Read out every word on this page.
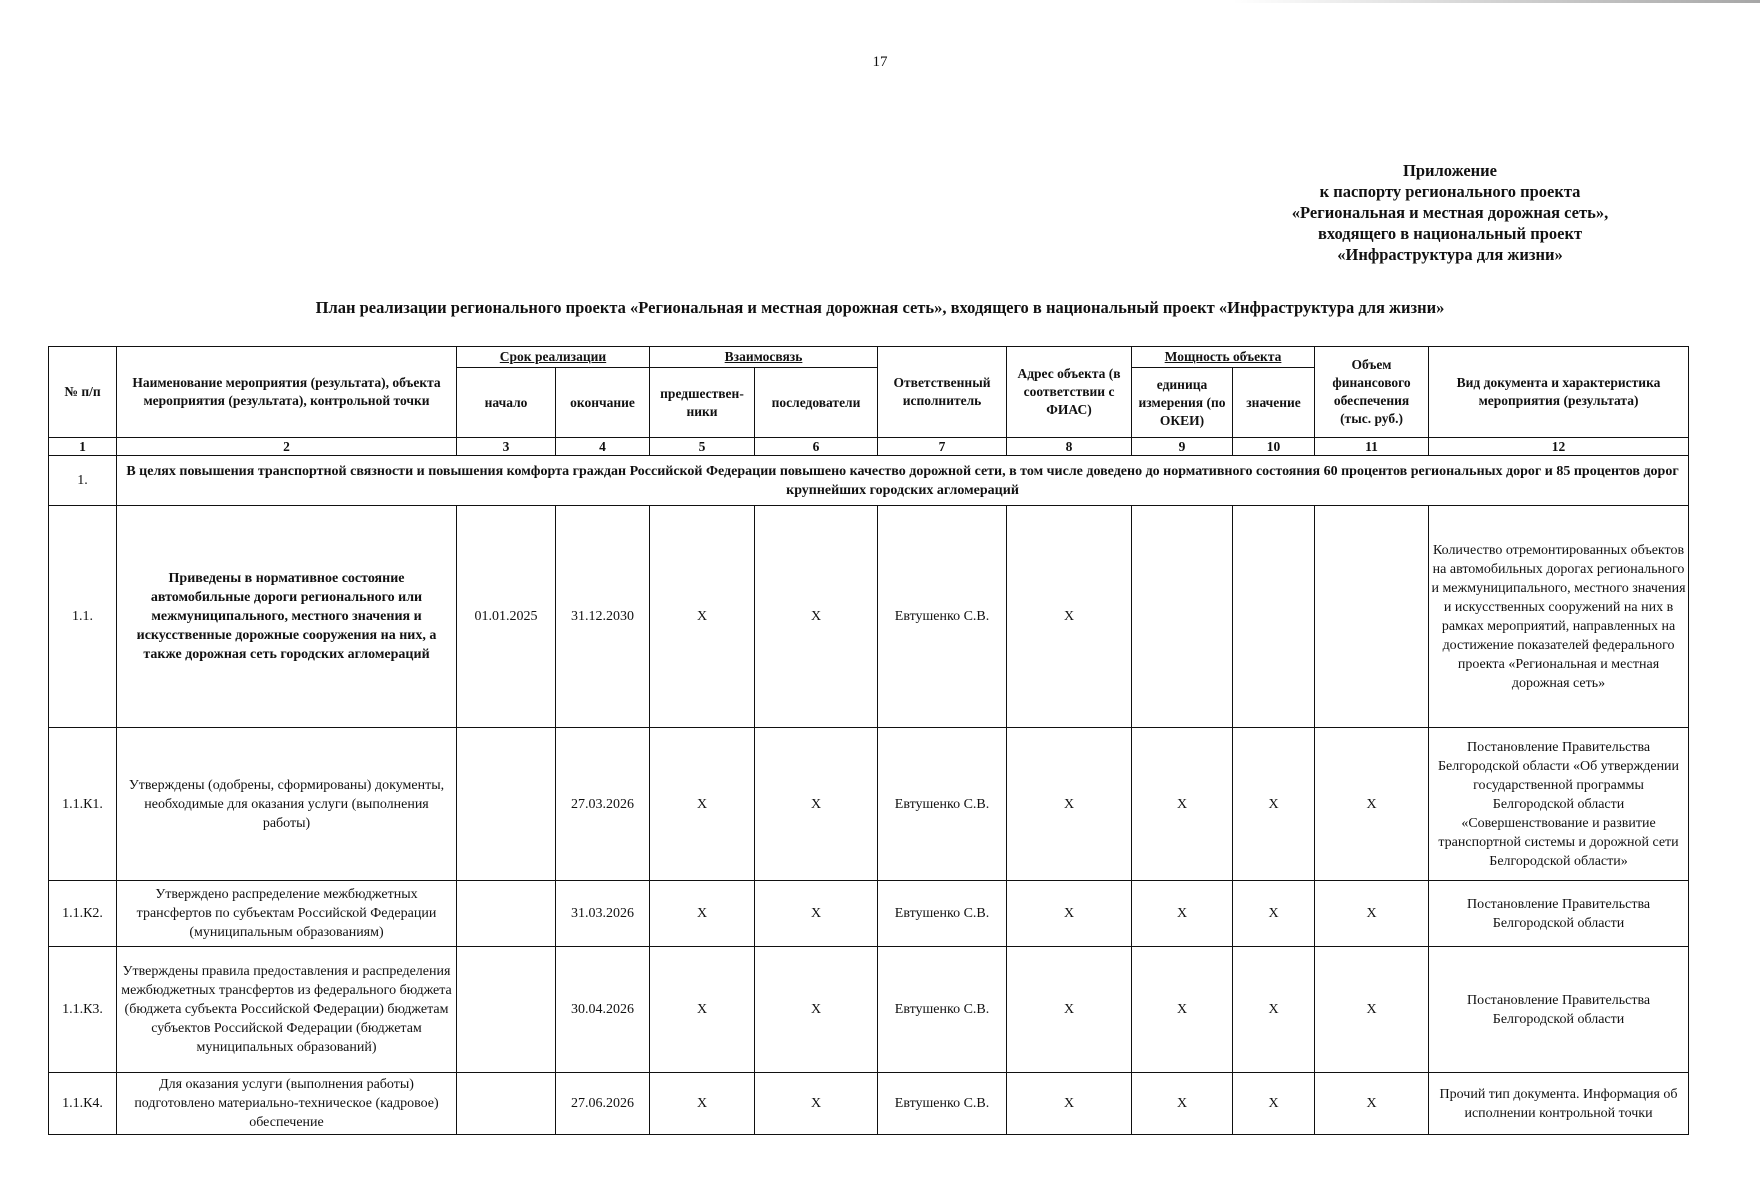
17
Приложение
к паспорту регионального проекта
«Региональная и местная дорожная сеть»,
входящего в национальный проект
«Инфраструктура для жизни»
План реализации регионального проекта «Региональная и местная дорожная сеть», входящего в национальный проект «Инфраструктура для жизни»
№ п/п	Наименование мероприятия (результата), объекта мероприятия (результата), контрольной точки	Срок реализации		Взаимосвязь		Ответственный исполнитель	Адрес объекта (в соответствии с ФИАС)	Мощность объекта		Объем финансового обеспечения (тыс. руб.)	Вид документа и характеристика мероприятия (результата)
		начало	окончание	предшествен-ники	последователи			единица измерения (по ОКЕИ)	значение		
1	2	3	4	5	6	7	8	9	10	11	12
1.	В целях повышения транспортной связности и повышения комфорта граждан Российской Федерации повышено качество дорожной сети, в том числе доведено до нормативного состояния 60 процентов региональных дорог и 85 процентов дорог крупнейших городских агломераций										
1.1.	Приведены в нормативное состояние автомобильные дороги регионального или межмуниципального, местного значения и искусственные дорожные сооружения на них, а также дорожная сеть городских агломераций	01.01.2025	31.12.2030	X	X	Евтушенко С.В.	X				Количество отремонтированных объектов на автомобильных дорогах регионального и межмуниципального, местного значения и искусственных сооружений на них в рамках мероприятий, направленных на достижение показателей федерального проекта «Региональная и местная дорожная сеть»
1.1.К1.	Утверждены (одобрены, сформированы) документы, необходимые для оказания услуги (выполнения работы)		27.03.2026	X	X	Евтушенко С.В.	X	X	X	X	Постановление Правительства Белгородской области «Об утверждении государственной программы Белгородской области «Совершенствование и развитие транспортной системы и дорожной сети Белгородской области»
1.1.К2.	Утверждено распределение межбюджетных трансфертов по субъектам Российской Федерации (муниципальным образованиям)		31.03.2026	X	X	Евтушенко С.В.	X	X	X	X	Постановление Правительства Белгородской области
1.1.К3.	Утверждены правила предоставления и распределения межбюджетных трансфертов из федерального бюджета (бюджета субъекта Российской Федерации) бюджетам субъектов Российской Федерации (бюджетам муниципальных образований)		30.04.2026	X	X	Евтушенко С.В.	X	X	X	X	Постановление Правительства Белгородской области
1.1.К4.	Для оказания услуги (выполнения работы) подготовлено материально-техническое (кадровое) обеспечение		27.06.2026	X	X	Евтушенко С.В.	X	X	X	X	Прочий тип документа. Информация об исполнении контрольной точки
